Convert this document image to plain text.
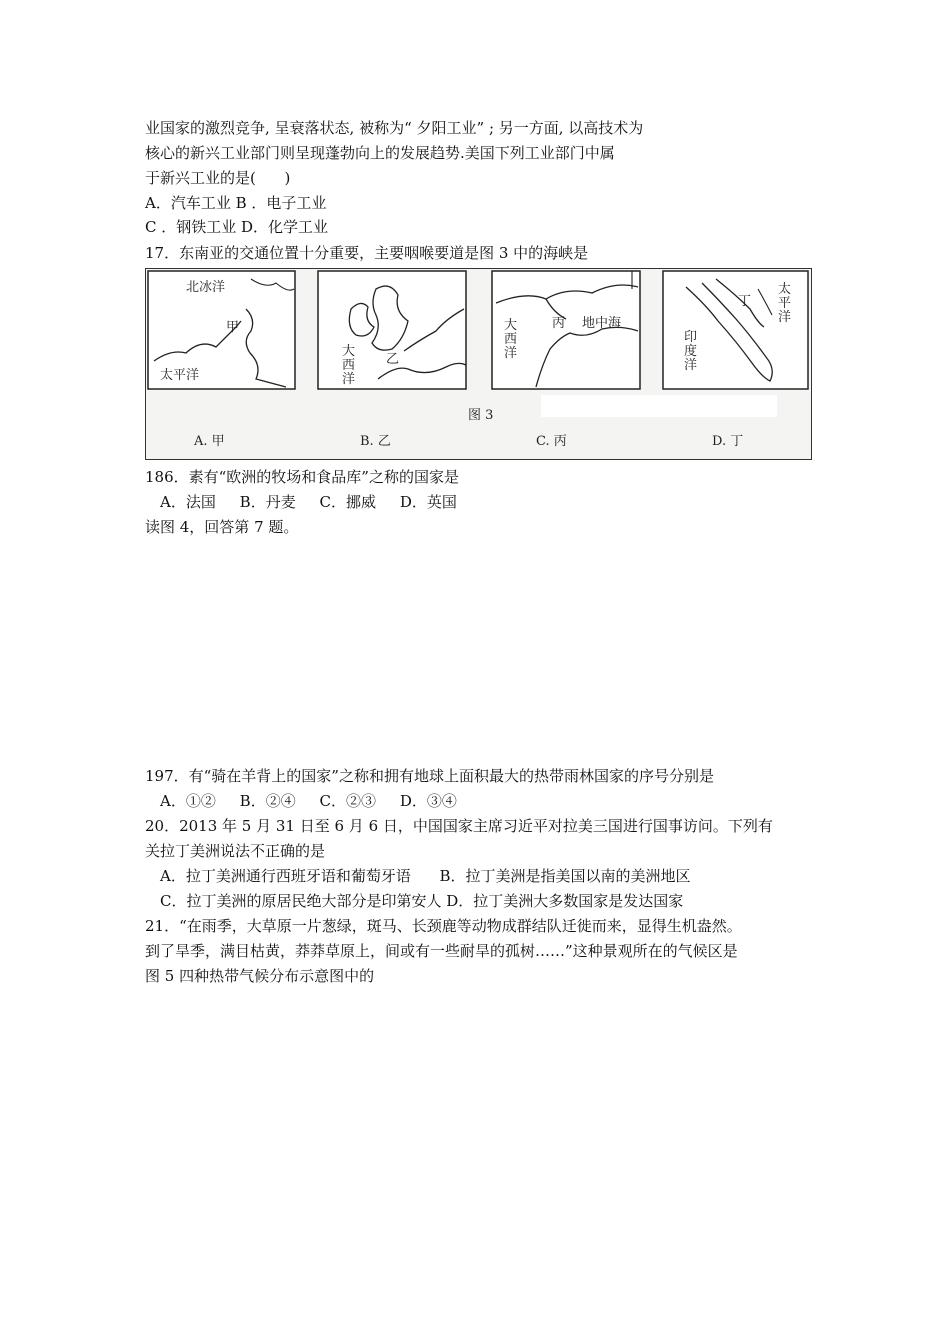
业国家的激烈竞争, 呈衰落状态, 被称为“ 夕阳工业” ; 另一方面, 以高技术为
核心的新兴工业部门则呈现蓬勃向上的发展趋势.美国下列工业部门中属
于新兴工业的是(      )
A．汽车工业 B ．电子工业
C ．钢铁工业 D．化学工业
17．东南亚的交通位置十分重要，主要咽喉要道是图 3 中的海峡是
北冰洋
甲
太平洋
大
西
洋
乙
大
西
洋
丙 地中海
太
平
洋
印
度
洋
丁
图 3
A. 甲	B. 乙	C. 丙	D. 丁
186．素有“欧洲的牧场和食品库”之称的国家是
A．法国     B．丹麦     C．挪威     D．英国
读图 4，回答第 7 题。
197．有“骑在羊背上的国家”之称和拥有地球上面积最大的热带雨林国家的序号分别是
A．①②     B．②④     C．②③     D．③④
20．2013 年 5 月 31 日至 6 月 6 日，中国国家主席习近平对拉美三国进行国事访问。下列有
关拉丁美洲说法不正确的是
A．拉丁美洲通行西班牙语和葡萄牙语      B．拉丁美洲是指美国以南的美洲地区
C．拉丁美洲的原居民绝大部分是印第安人 D．拉丁美洲大多数国家是发达国家
21．“在雨季，大草原一片葱绿，斑马、长颈鹿等动物成群结队迁徙而来，显得生机盎然。
到了旱季，满目枯黄，莽莽草原上，间或有一些耐旱的孤树……”这种景观所在的气候区是
图 5 四种热带气候分布示意图中的
